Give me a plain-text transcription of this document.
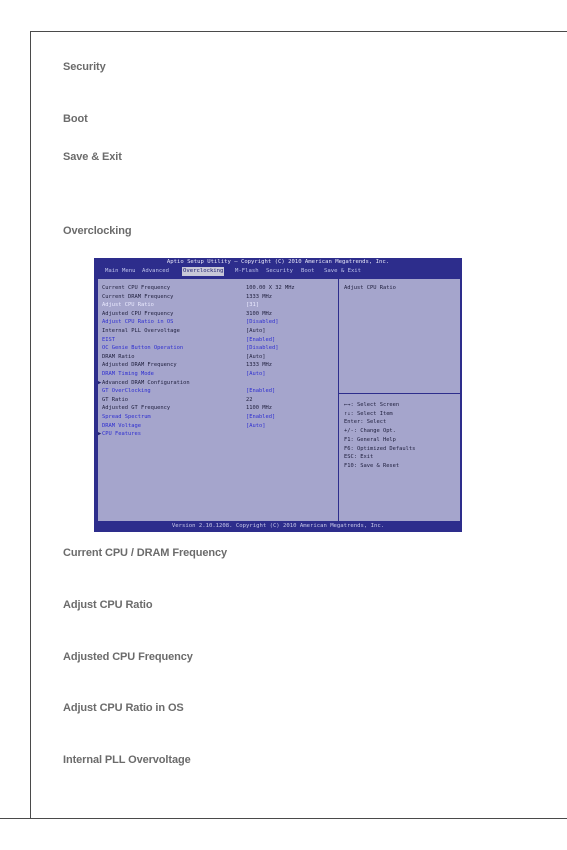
Security
Boot
Save & Exit
Overclocking
Aptio Setup Utility – Copyright (C) 2010 American Megatrends, Inc.
Main Menu Advanced	Overclocking M-Flash Security Boot Save & Exit
Current CPU Frequency	100.00 X 32 MHz
Current DRAM Frequency	1333 MHz
Adjust CPU Ratio	[31]
Adjusted CPU Frequency	3100 MHz
Adjust CPU Ratio in OS	[Disabled]
Internal PLL Overvoltage	[Auto]
EIST	[Enabled]
OC Genie Button Operation	[Disabled]
DRAM Ratio	[Auto]
Adjusted DRAM Frequency	1333 MHz
DRAM Timing Mode	[Auto]
▶ Advanced DRAM Configuration
GT OverClocking	[Enabled]
GT Ratio	22
Adjusted GT Frequency	1100 MHz
Spread Spectrum	[Enabled]
DRAM Voltage	[Auto]
▶ CPU Features
Adjust CPU Ratio
←→: Select Screen
↑↓: Select Item
Enter: Select
+/-: Change Opt.
F1: General Help
F6: Optimized Defaults
ESC: Exit
F10: Save & Reset
Version 2.10.1208. Copyright (C) 2010 American Megatrends, Inc.
Current CPU / DRAM Frequency
Adjust CPU Ratio
Adjusted CPU Frequency
Adjust CPU Ratio in OS
Internal PLL Overvoltage
